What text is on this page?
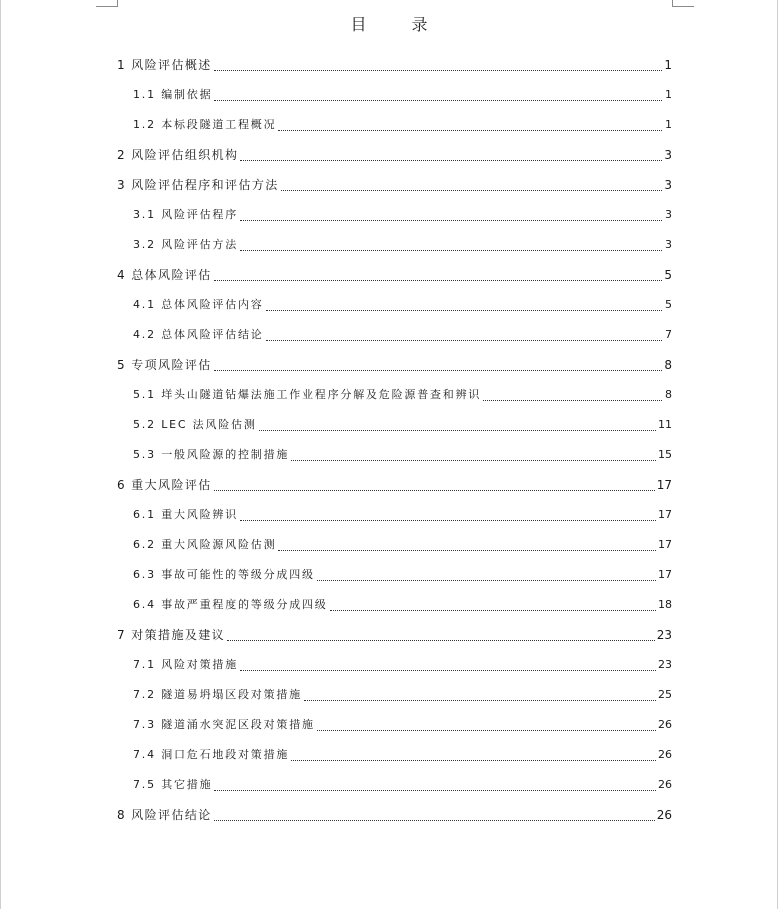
目 录
1 风险评估概述	1
1.1 编制依据	1
1.2 本标段隧道工程概况	1
2 风险评估组织机构	3
3 风险评估程序和评估方法	3
3.1 风险评估程序	3
3.2 风险评估方法	3
4 总体风险评估	5
4.1 总体风险评估内容	5
4.2 总体风险评估结论	7
5 专项风险评估	8
5.1 垟头山隧道钻爆法施工作业程序分解及危险源普查和辨识	8
5.2 LEC 法风险估测	11
5.3 一般风险源的控制措施	15
6 重大风险评估	17
6.1 重大风险辨识	17
6.2 重大风险源风险估测	17
6.3 事故可能性的等级分成四级	17
6.4 事故严重程度的等级分成四级	18
7 对策措施及建议	23
7.1 风险对策措施	23
7.2 隧道易坍塌区段对策措施	25
7.3 隧道涌水突泥区段对策措施	26
7.4 洞口危石地段对策措施	26
7.5 其它措施	26
8 风险评估结论	26
